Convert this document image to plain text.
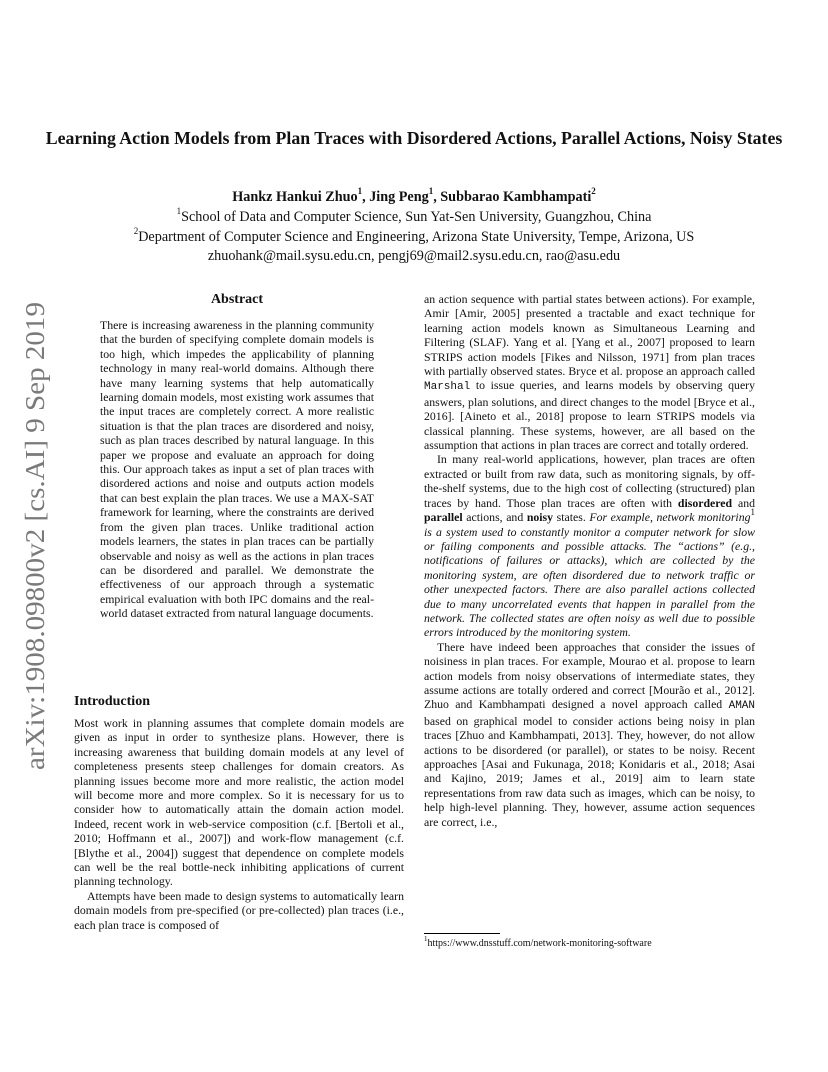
arXiv:1908.09800v2 [cs.AI] 9 Sep 2019
Learning Action Models from Plan Traces with Disordered Actions, Parallel Actions, Noisy States
Hankz Hankui Zhuo$^1$, Jing Peng$^1$, Subbarao Kambhampati$^2$
$^1$School of Data and Computer Science, Sun Yat-Sen University, Guangzhou, China
$^2$Department of Computer Science and Engineering, Arizona State University, Tempe, Arizona, US
zhuohank@mail.sysu.edu.cn, pengj69@mail2.sysu.edu.cn, rao@asu.edu
Abstract
There is increasing awareness in the planning community that the burden of specifying complete domain models is too high, which impedes the applicability of planning technology in many real-world domains. Although there have many learning systems that help automatically learning domain models, most existing work assumes that the input traces are completely correct. A more realistic situation is that the plan traces are disordered and noisy, such as plan traces described by natural language. In this paper we propose and evaluate an approach for doing this. Our approach takes as input a set of plan traces with disordered actions and noise and outputs action models that can best explain the plan traces. We use a MAX-SAT framework for learning, where the constraints are derived from the given plan traces. Unlike traditional action models learners, the states in plan traces can be partially observable and noisy as well as the actions in plan traces can be disordered and parallel. We demonstrate the effectiveness of our approach through a systematic empirical evaluation with both IPC domains and the real-world dataset extracted from natural language documents.
Introduction

Most work in planning assumes that complete domain models are given as input in order to synthesize plans. However, there is increasing awareness that building domain models at any level of completeness presents steep challenges for domain creators. As planning issues become more and more realistic, the action model will become more and more complex. So it is necessary for us to consider how to automatically attain the domain action model. Indeed, recent work in web-service composition (c.f. [Bertoli et al., 2010; Hoffmann et al., 2007]) and work-flow management (c.f. [Blythe et al., 2004]) suggest that dependence on complete models can well be the real bottle-neck inhibiting applications of current planning technology.

Attempts have been made to design systems to automatically learn domain models from pre-specified (or pre-collected) plan traces (i.e., each plan trace is composed of

an action sequence with partial states between actions). For example, Amir [Amir, 2005] presented a tractable and exact technique for learning action models known as Simultaneous Learning and Filtering (SLAF). Yang et al. [Yang et al., 2007] proposed to learn STRIPS action models [Fikes and Nilsson, 1971] from plan traces with partially observed states. Bryce et al. propose an approach called Marshal to issue queries, and learns models by observing query answers, plan solutions, and direct changes to the model [Bryce et al., 2016]. [Aineto et al., 2018] propose to learn STRIPS models via classical planning. These systems, however, are all based on the assumption that actions in plan traces are correct and totally ordered.

In many real-world applications, however, plan traces are often extracted or built from raw data, such as monitoring signals, by off-the-shelf systems, due to the high cost of collecting (structured) plan traces by hand. Those plan traces are often with disordered and parallel actions, and noisy states. For example, network monitoring$^1$ is a system used to constantly monitor a computer network for slow or failing components and possible attacks. The “actions” (e.g., notifications of failures or attacks), which are collected by the monitoring system, are often disordered due to network traffic or other unexpected factors. There are also parallel actions collected due to many uncorrelated events that happen in parallel from the network. The collected states are often noisy as well due to possible errors introduced by the monitoring system.

There have indeed been approaches that consider the issues of noisiness in plan traces. For example, Mourao et al. propose to learn action models from noisy observations of intermediate states, they assume actions are totally ordered and correct [Mourão et al., 2012]. Zhuo and Kambhampati designed a novel approach called AMAN based on graphical model to consider actions being noisy in plan traces [Zhuo and Kambhampati, 2013]. They, however, do not allow actions to be disordered (or parallel), or states to be noisy. Recent approaches [Asai and Fukunaga, 2018; Konidaris et al., 2018; Asai and Kajino, 2019; James et al., 2019] aim to learn state representations from raw data such as images, which can be noisy, to help high-level planning. They, however, assume action sequences are correct, i.e.,

$^1$https://www.dnsstuff.com/network-monitoring-software
